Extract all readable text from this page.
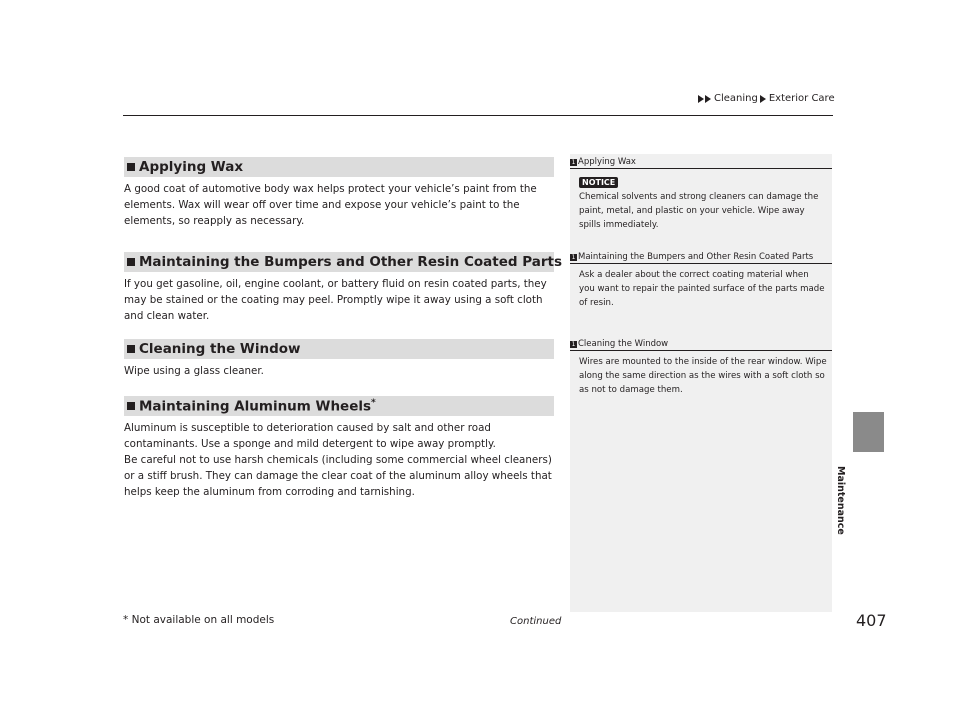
Cleaning Exterior Care
Applying Wax

A good coat of automotive body wax helps protect your vehicle’s paint from the elements. Wax will wear off over time and expose your vehicle’s paint to the elements, so reapply as necessary.

Maintaining the Bumpers and Other Resin Coated Parts

If you get gasoline, oil, engine coolant, or battery fluid on resin coated parts, they may be stained or the coating may peel. Promptly wipe it away using a soft cloth and clean water.

Cleaning the Window

Wipe using a glass cleaner.

Maintaining Aluminum Wheels*

Aluminum is susceptible to deterioration caused by salt and other road contaminants. Use a sponge and mild detergent to wipe away promptly.

Be careful not to use harsh chemicals (including some commercial wheel cleaners) or a stiff brush. They can damage the clear coat of the aluminum alloy wheels that helps keep the aluminum from corroding and tarnishing.

1 Applying Wax
NOTICE
Chemical solvents and strong cleaners can damage the paint, metal, and plastic on your vehicle. Wipe away spills immediately.
1 Maintaining the Bumpers and Other Resin Coated Parts
Ask a dealer about the correct coating material when you want to repair the painted surface of the parts made of resin.
1 Cleaning the Window
Wires are mounted to the inside of the rear window. Wipe along the same direction as the wires with a soft cloth so as not to damage them.
Maintenance
* Not available on all models	Continued	407
